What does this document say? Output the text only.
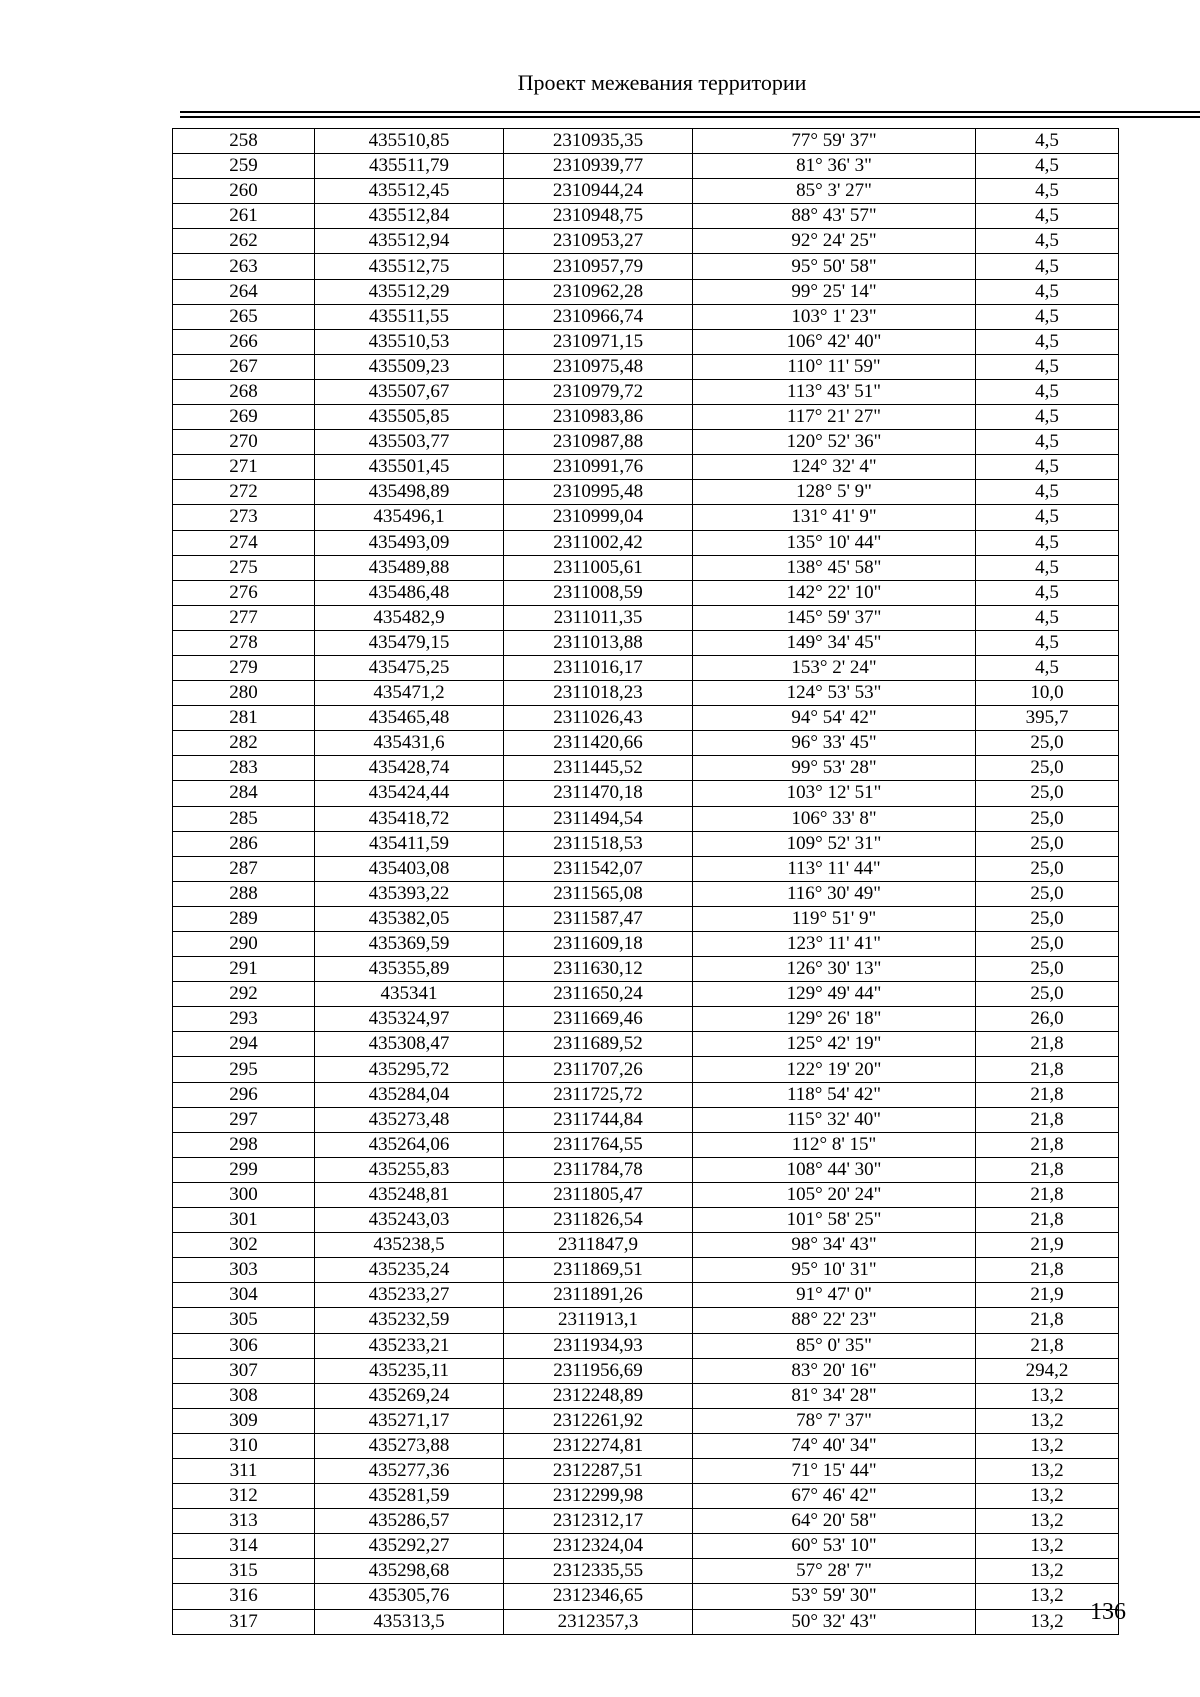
Проект межевания территории
258	435510,85	2310935,35	77° 59' 37"	4,5
259	435511,79	2310939,77	81° 36' 3"	4,5
260	435512,45	2310944,24	85° 3' 27"	4,5
261	435512,84	2310948,75	88° 43' 57"	4,5
262	435512,94	2310953,27	92° 24' 25"	4,5
263	435512,75	2310957,79	95° 50' 58"	4,5
264	435512,29	2310962,28	99° 25' 14"	4,5
265	435511,55	2310966,74	103° 1' 23"	4,5
266	435510,53	2310971,15	106° 42' 40"	4,5
267	435509,23	2310975,48	110° 11' 59"	4,5
268	435507,67	2310979,72	113° 43' 51"	4,5
269	435505,85	2310983,86	117° 21' 27"	4,5
270	435503,77	2310987,88	120° 52' 36"	4,5
271	435501,45	2310991,76	124° 32' 4"	4,5
272	435498,89	2310995,48	128° 5' 9"	4,5
273	435496,1	2310999,04	131° 41' 9"	4,5
274	435493,09	2311002,42	135° 10' 44"	4,5
275	435489,88	2311005,61	138° 45' 58"	4,5
276	435486,48	2311008,59	142° 22' 10"	4,5
277	435482,9	2311011,35	145° 59' 37"	4,5
278	435479,15	2311013,88	149° 34' 45"	4,5
279	435475,25	2311016,17	153° 2' 24"	4,5
280	435471,2	2311018,23	124° 53' 53"	10,0
281	435465,48	2311026,43	94° 54' 42"	395,7
282	435431,6	2311420,66	96° 33' 45"	25,0
283	435428,74	2311445,52	99° 53' 28"	25,0
284	435424,44	2311470,18	103° 12' 51"	25,0
285	435418,72	2311494,54	106° 33' 8"	25,0
286	435411,59	2311518,53	109° 52' 31"	25,0
287	435403,08	2311542,07	113° 11' 44"	25,0
288	435393,22	2311565,08	116° 30' 49"	25,0
289	435382,05	2311587,47	119° 51' 9"	25,0
290	435369,59	2311609,18	123° 11' 41"	25,0
291	435355,89	2311630,12	126° 30' 13"	25,0
292	435341	2311650,24	129° 49' 44"	25,0
293	435324,97	2311669,46	129° 26' 18"	26,0
294	435308,47	2311689,52	125° 42' 19"	21,8
295	435295,72	2311707,26	122° 19' 20"	21,8
296	435284,04	2311725,72	118° 54' 42"	21,8
297	435273,48	2311744,84	115° 32' 40"	21,8
298	435264,06	2311764,55	112° 8' 15"	21,8
299	435255,83	2311784,78	108° 44' 30"	21,8
300	435248,81	2311805,47	105° 20' 24"	21,8
301	435243,03	2311826,54	101° 58' 25"	21,8
302	435238,5	2311847,9	98° 34' 43"	21,9
303	435235,24	2311869,51	95° 10' 31"	21,8
304	435233,27	2311891,26	91° 47' 0"	21,9
305	435232,59	2311913,1	88° 22' 23"	21,8
306	435233,21	2311934,93	85° 0' 35"	21,8
307	435235,11	2311956,69	83° 20' 16"	294,2
308	435269,24	2312248,89	81° 34' 28"	13,2
309	435271,17	2312261,92	78° 7' 37"	13,2
310	435273,88	2312274,81	74° 40' 34"	13,2
311	435277,36	2312287,51	71° 15' 44"	13,2
312	435281,59	2312299,98	67° 46' 42"	13,2
313	435286,57	2312312,17	64° 20' 58"	13,2
314	435292,27	2312324,04	60° 53' 10"	13,2
315	435298,68	2312335,55	57° 28' 7"	13,2
316	435305,76	2312346,65	53° 59' 30"	13,2
317	435313,5	2312357,3	50° 32' 43"	13,2 136
